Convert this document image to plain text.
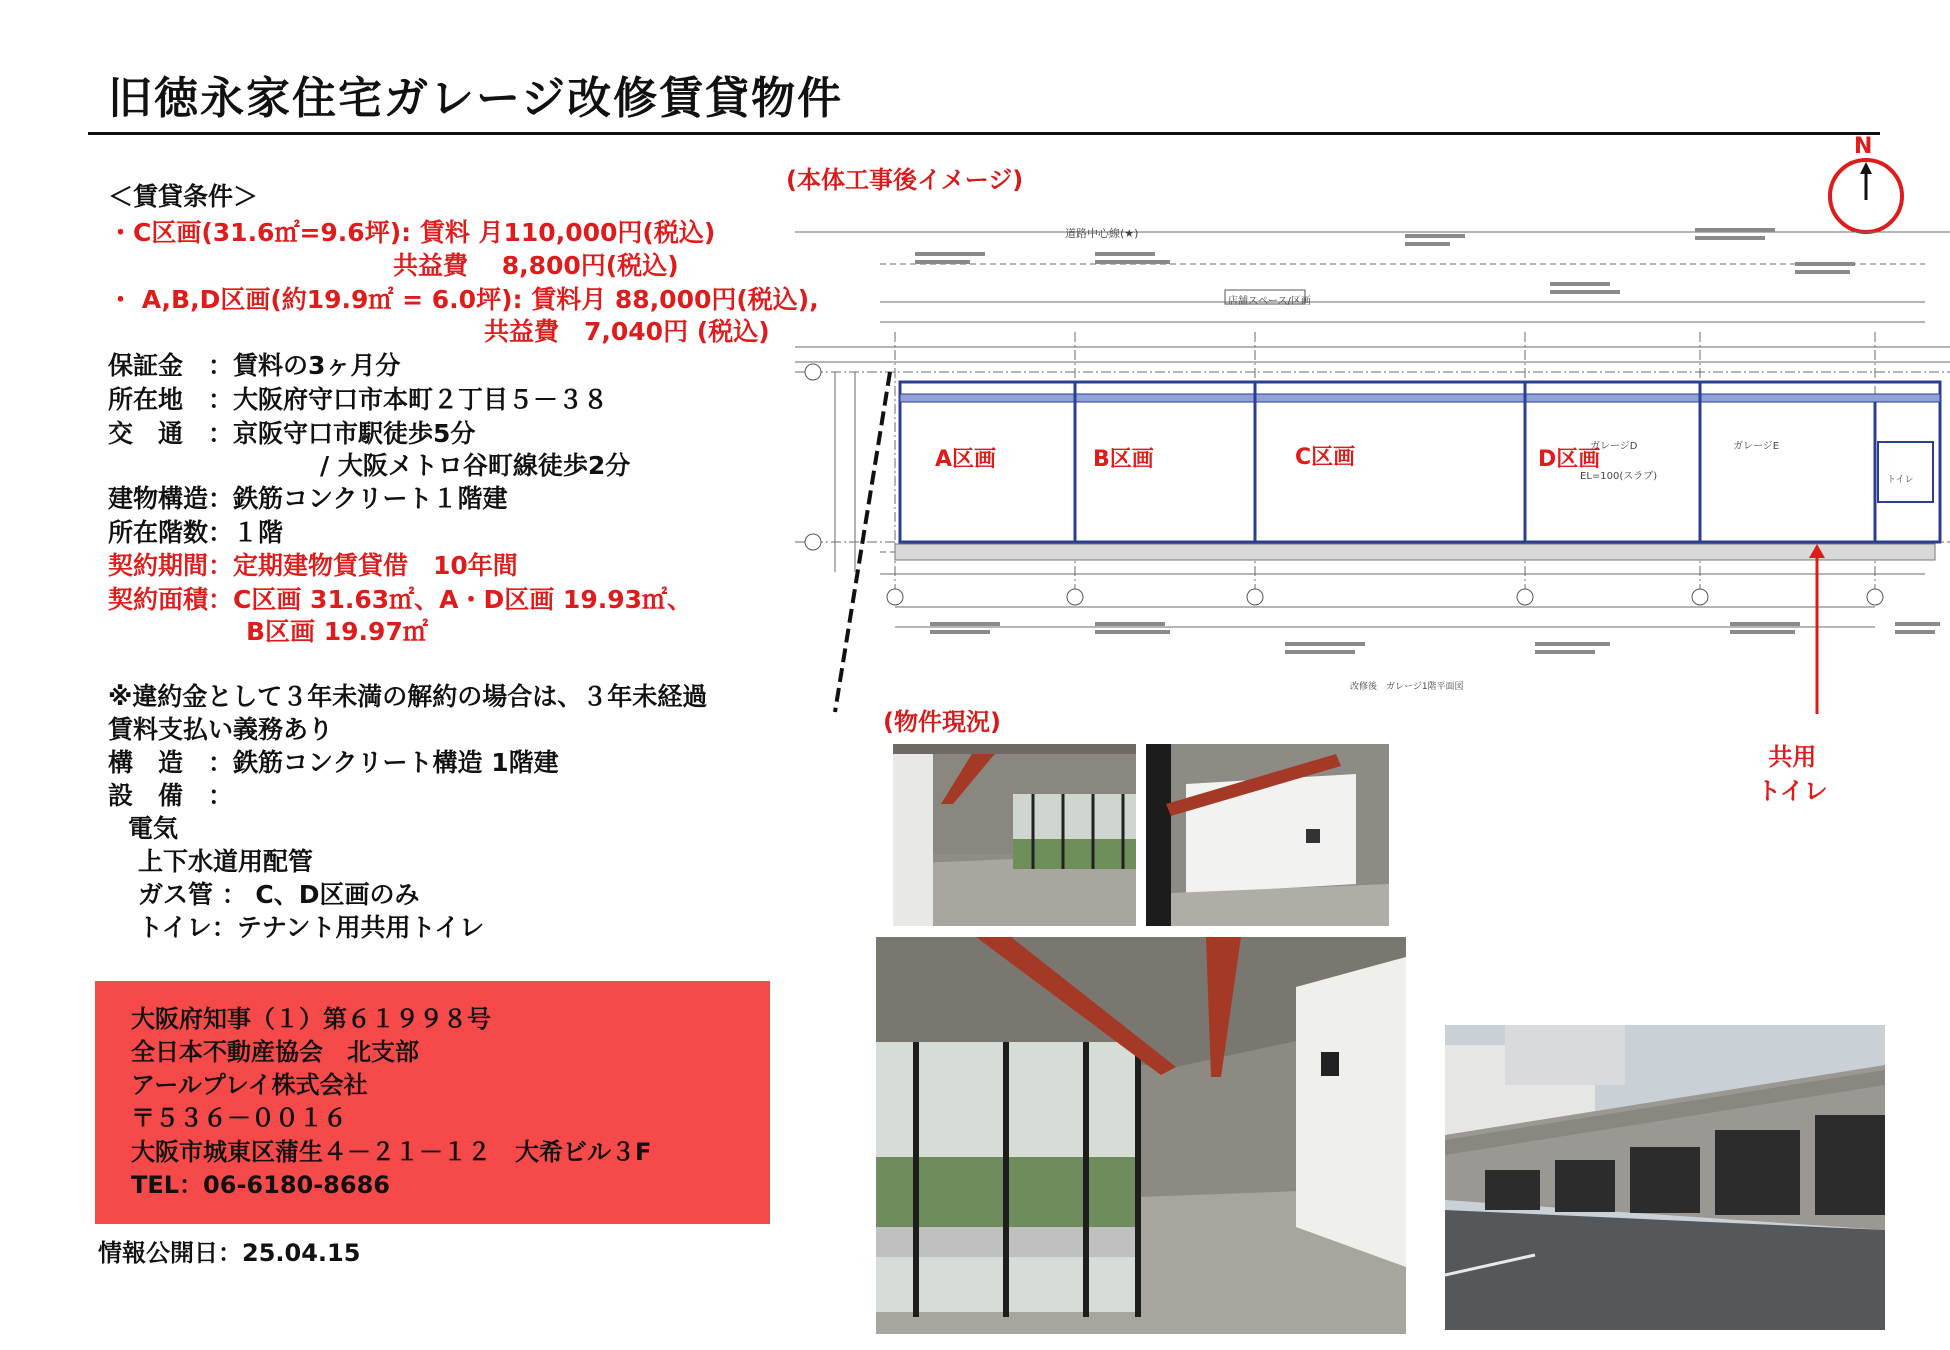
旧徳永家住宅ガレージ改修賃貸物件
＜賃貸条件＞
・C区画(31.6㎡=9.6坪): 賃料 月110,000円(税込)
共益費　 8,800円(税込)
・ A,B,D区画(約19.9㎡ = 6.0坪): 賃料月 88,000円(税込),
共益費　7,040円 (税込)
保証金　：賃料の3ヶ月分
所在地　：大阪府守口市本町２丁目５－３８
交　通　：京阪守口市駅徒歩5分
/ 大阪メトロ谷町線徒歩2分
建物構造：鉄筋コンクリート１階建
所在階数：１階
契約期間：定期建物賃貸借　10年間
契約面積：C区画 31.63㎡、A・D区画 19.93㎡、
B区画 19.97㎡
※違約金として３年未満の解約の場合は、３年未経過
賃料支払い義務あり
構　造　：鉄筋コンクリート構造 1階建
設　備　：
電気
上下水道用配管
ガス管 ： C、D区画のみ
トイレ：テナント用共用トイレ
大阪府知事（１）第６１９９８号
全日本不動産協会　北支部
アールプレイ株式会社
〒５３６－００１６
大阪市城東区蒲生４－２１－１２　大希ビル３F
TEL：06-6180-8686
情報公開日：25.04.15
(本体工事後イメージ)
N
道路中心線(★)
店舗スペース/区画
A区画	B区画	C区画	D区画
ガレージD
EL=100(スラブ)
ガレージE
トイレ
改修後　ガレージ1階平面図
共用
トイレ
(物件現況)
